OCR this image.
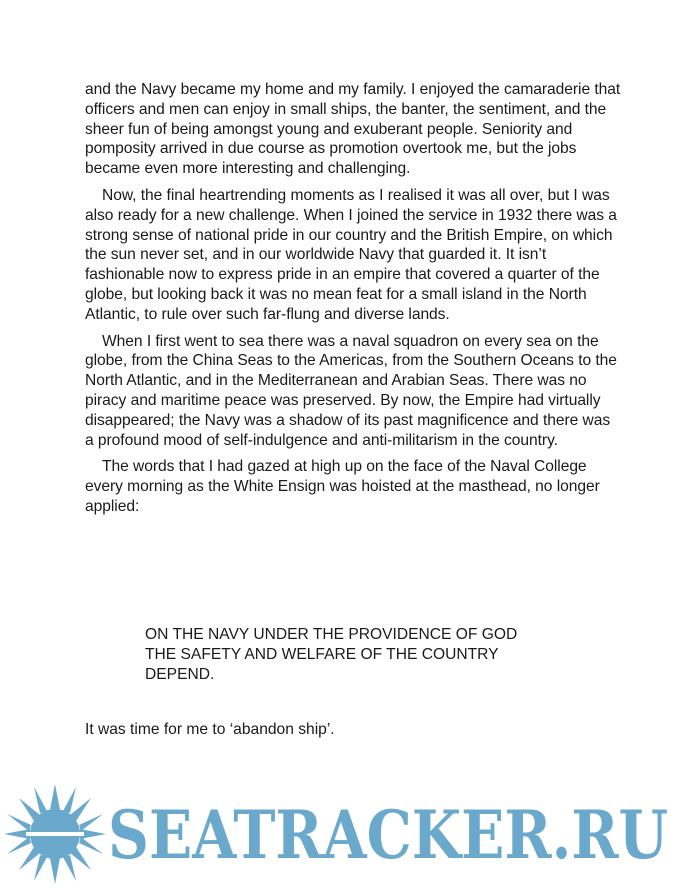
and the Navy became my home and my family. I enjoyed the camaraderie that officers and men can enjoy in small ships, the banter, the sentiment, and the sheer fun of being amongst young and exuberant people. Seniority and pomposity arrived in due course as promotion overtook me, but the jobs became even more interesting and challenging.

Now, the final heartrending moments as I realised it was all over, but I was also ready for a new challenge. When I joined the service in 1932 there was a strong sense of national pride in our country and the British Empire, on which the sun never set, and in our worldwide Navy that guarded it. It isn’t fashionable now to express pride in an empire that covered a quarter of the globe, but looking back it was no mean feat for a small island in the North Atlantic, to rule over such far-flung and diverse lands.

When I first went to sea there was a naval squadron on every sea on the globe, from the China Seas to the Americas, from the Southern Oceans to the North Atlantic, and in the Mediterranean and Arabian Seas. There was no piracy and maritime peace was preserved. By now, the Empire had virtually disappeared; the Navy was a shadow of its past magnificence and there was a profound mood of self-indulgence and anti-militarism in the country.

The words that I had gazed at high up on the face of the Naval College every morning as the White Ensign was hoisted at the masthead, no longer applied:

ON THE NAVY UNDER THE PROVIDENCE OF GOD
THE SAFETY AND WELFARE OF THE COUNTRY
DEPEND.

It was time for me to ‘abandon ship’.

SEATRACKER.RU
